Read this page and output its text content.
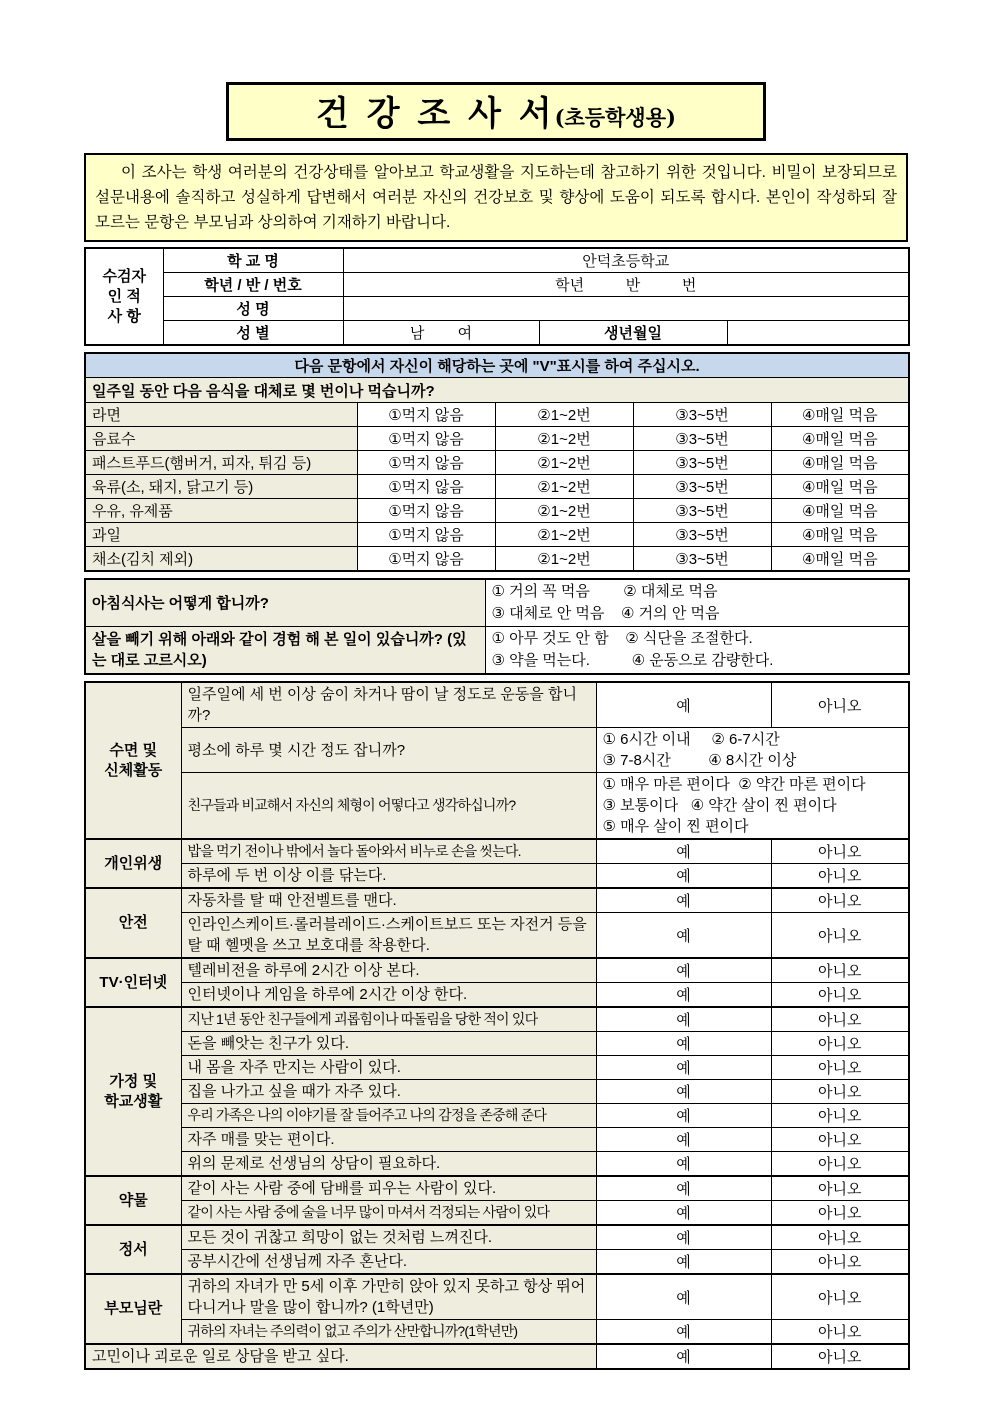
건 강 조 사 서(초등학생용)
이 조사는 학생 여러분의 건강상태를 알아보고 학교생활을 지도하는데 참고하기 위한 것입니다. 비밀이 보장되므로 설문내용에 솔직하고 성실하게 답변해서 여러분 자신의 건강보호 및 향상에 도움이 되도록 합시다. 본인이 작성하되 잘 모르는 문항은 부모님과 상의하여 기재하기 바랍니다.
수검자
인 적
사 항	학 교 명	안덕초등학교		
	학년 / 반 / 번호	학년          반          번		
	성 명			
	성 별	남        여	생년월일	
다음 문항에서 자신이 해당하는 곳에 "V"표시를 하여 주십시오.				
일주일 동안 다음 음식을 대체로 몇 번이나 먹습니까?				
라면	①먹지 않음	②1~2번	③3~5번	④매일 먹음
음료수	①먹지 않음	②1~2번	③3~5번	④매일 먹음
패스트푸드(햄버거, 피자, 튀김 등)	①먹지 않음	②1~2번	③3~5번	④매일 먹음
육류(소, 돼지, 닭고기 등)	①먹지 않음	②1~2번	③3~5번	④매일 먹음
우유, 유제품	①먹지 않음	②1~2번	③3~5번	④매일 먹음
과일	①먹지 않음	②1~2번	③3~5번	④매일 먹음
채소(김치 제외)	①먹지 않음	②1~2번	③3~5번	④매일 먹음
아침식사는 어떻게 합니까?	① 거의 꼭 먹음        ② 대체로 먹음
③ 대체로 안 먹음    ④ 거의 안 먹음

살을 빼기 위해 아래와 같이 경험 해 본 일이 있습니까? (있는 대로 고르시오)	① 아무 것도 안 함    ② 식단을 조절한다.
③ 약을 먹는다.          ④ 운동으로 감량한다.
수면 및
신체활동	일주일에 세 번 이상 숨이 차거나 땀이 날 정도로 운동을 합니까?	예	아니오
	평소에 하루 몇 시간 정도 잡니까?	① 6시간 이내     ② 6-7시간
③ 7-8시간         ④ 8시간 이상	

	친구들과 비교해서 자신의 체형이 어떻다고 생각하십니까?	① 매우 마른 편이다  ② 약간 마른 편이다
③ 보통이다   ④ 약간 살이 찐 편이다
⑤ 매우 살이 찐 편이다	

개인위생	밥을 먹기 전이나 밖에서 놀다 돌아와서 비누로 손을 씻는다.	예	아니오
	하루에 두 번 이상 이를 닦는다.	예	아니오

안전	자동차를 탈 때 안전벨트를 맨다.	예	아니오
	인라인스케이트·롤러블레이드·스케이트보드 또는 자전거 등을 탈 때 헬멧을 쓰고 보호대를 착용한다.	예	아니오

TV·인터넷	텔레비전을 하루에 2시간 이상 본다.	예	아니오
	인터넷이나 게임을 하루에 2시간 이상 한다.	예	아니오

가정 및
학교생활	지난 1년 동안 친구들에게 괴롭힘이나 따돌림을 당한 적이 있다	예	아니오
	돈을 빼앗는 친구가 있다.	예	아니오
	내 몸을 자주 만지는 사람이 있다.	예	아니오
	집을 나가고 싶을 때가 자주 있다.	예	아니오
	우리 가족은 나의 이야기를 잘 들어주고 나의 감정을 존중해 준다	예	아니오
	자주 매를 맞는 편이다.	예	아니오
	위의 문제로 선생님의 상담이 필요하다.	예	아니오

약물	같이 사는 사람 중에 담배를 피우는 사람이 있다.	예	아니오
	같이 사는 사람 중에 술을 너무 많이 마셔서 걱정되는 사람이 있다	예	아니오

정서	모든 것이 귀찮고 희망이 없는 것처럼 느껴진다.	예	아니오
	공부시간에 선생님께 자주 혼난다.	예	아니오

부모님란	귀하의 자녀가 만 5세 이후 가만히 앉아 있지 못하고 항상 뛰어다니거나 말을 많이 합니까? (1학년만)	예	아니오
	귀하의 자녀는 주의력이 없고 주의가 산만합니까?(1학년만)	예	아니오
고민이나 괴로운 일로 상담을 받고 싶다.		예	아니오
